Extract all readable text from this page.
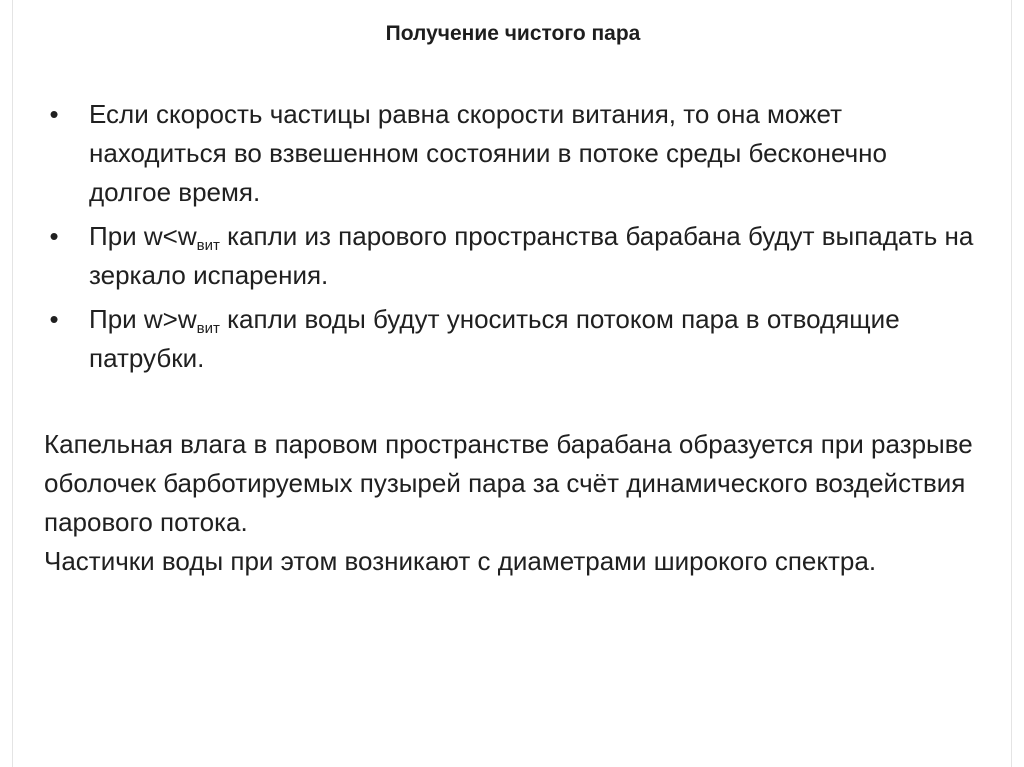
Получение чистого пара
• Если скорость частицы равна скорости витания, то она может находиться во взвешенном состоянии в потоке среды бесконечно долгое время.
• При $w<w_{вит}$ капли из парового пространства барабана будут выпадать на зеркало испарения.
• При $w>w_{вит}$ капли воды будут уноситься потоком пара в отводящие патрубки.

Капельная влага в паровом пространстве барабана образуется при разрыве оболочек барботируемых пузырей пара за счёт динамического воздействия парового потока.

Частички воды при этом возникают с диаметрами широкого спектра.
